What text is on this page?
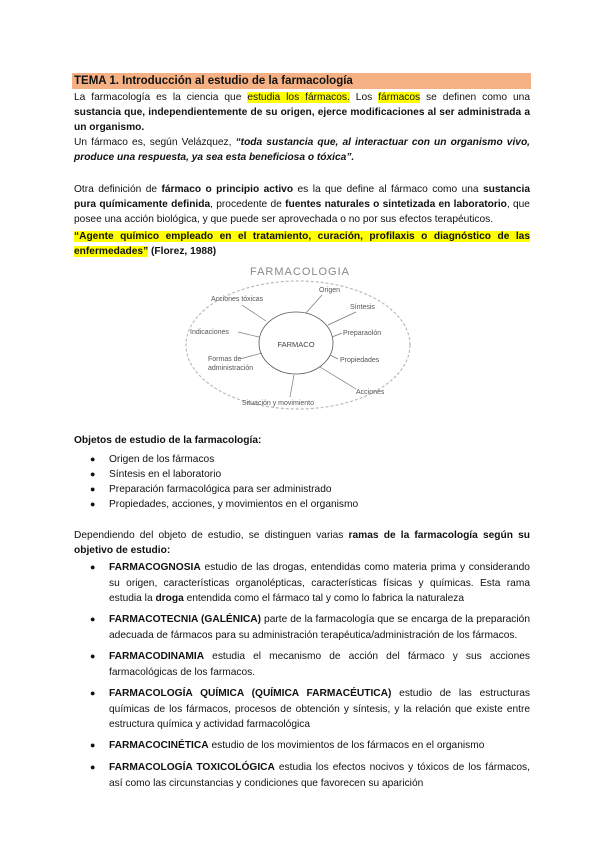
TEMA 1. Introducción al estudio de la farmacología

La farmacología es la ciencia que estudia los fármacos. Los fármacos se definen como una sustancia que, independientemente de su origen, ejerce modificaciones al ser administrada a un organismo.

Un fármaco es, según Velázquez, “toda sustancia que, al interactuar con un organismo vivo, produce una respuesta, ya sea esta beneficiosa o tóxica”.

Otra definición de fármaco o principio activo es la que define al fármaco como una sustancia pura químicamente definida, procedente de fuentes naturales o sintetizada en laboratorio, que posee una acción biológica, y que puede ser aprovechada o no por sus efectos terapéuticos.

“Agente químico empleado en el tratamiento, curación, profilaxis o diagnóstico de las enfermedades” (Florez, 1988)

FARMACOLOGIA
FARMACO
Acciones tóxicas
Origen
Síntesis
Indicaciones	Preparaolón
Formas de
administración
Propiedades
Acciones
Situación y movimiento
Objetos de estudio de la farmacología:
● Origen de los fármacos
● Síntesis en el laboratorio
● Preparación farmacológica para ser administrado
● Propiedades, acciones, y movimientos en el organismo

Dependiendo del objeto de estudio, se distinguen varias ramas de la farmacología según su objetivo de estudio:

● FARMACOGNOSIA estudio de las drogas, entendidas como materia prima y considerando su origen, características organolépticas, características físicas y químicas. Esta rama estudia la droga entendida como el fármaco tal y como lo fabrica la naturaleza
● FARMACOTECNIA (GALÉNICA) parte de la farmacología que se encarga de la preparación adecuada de fármacos para su administración terapéutica/administración de los fármacos.
● FARMACODINAMIA estudia el mecanismo de acción del fármaco y sus acciones farmacológicas de los farmacos.
● FARMACOLOGÍA QUÍMICA (QUÍMICA FARMACÉUTICA) estudio de las estructuras químicas de los fármacos, procesos de obtención y síntesis, y la relación que existe entre estructura química y actividad farmacológica
● FARMACOCINÉTICA estudio de los movimientos de los fármacos en el organismo
● FARMACOLOGÍA TOXICOLÓGICA estudia los efectos nocivos y tóxicos de los fármacos, así como las circunstancias y condiciones que favorecen su aparición
